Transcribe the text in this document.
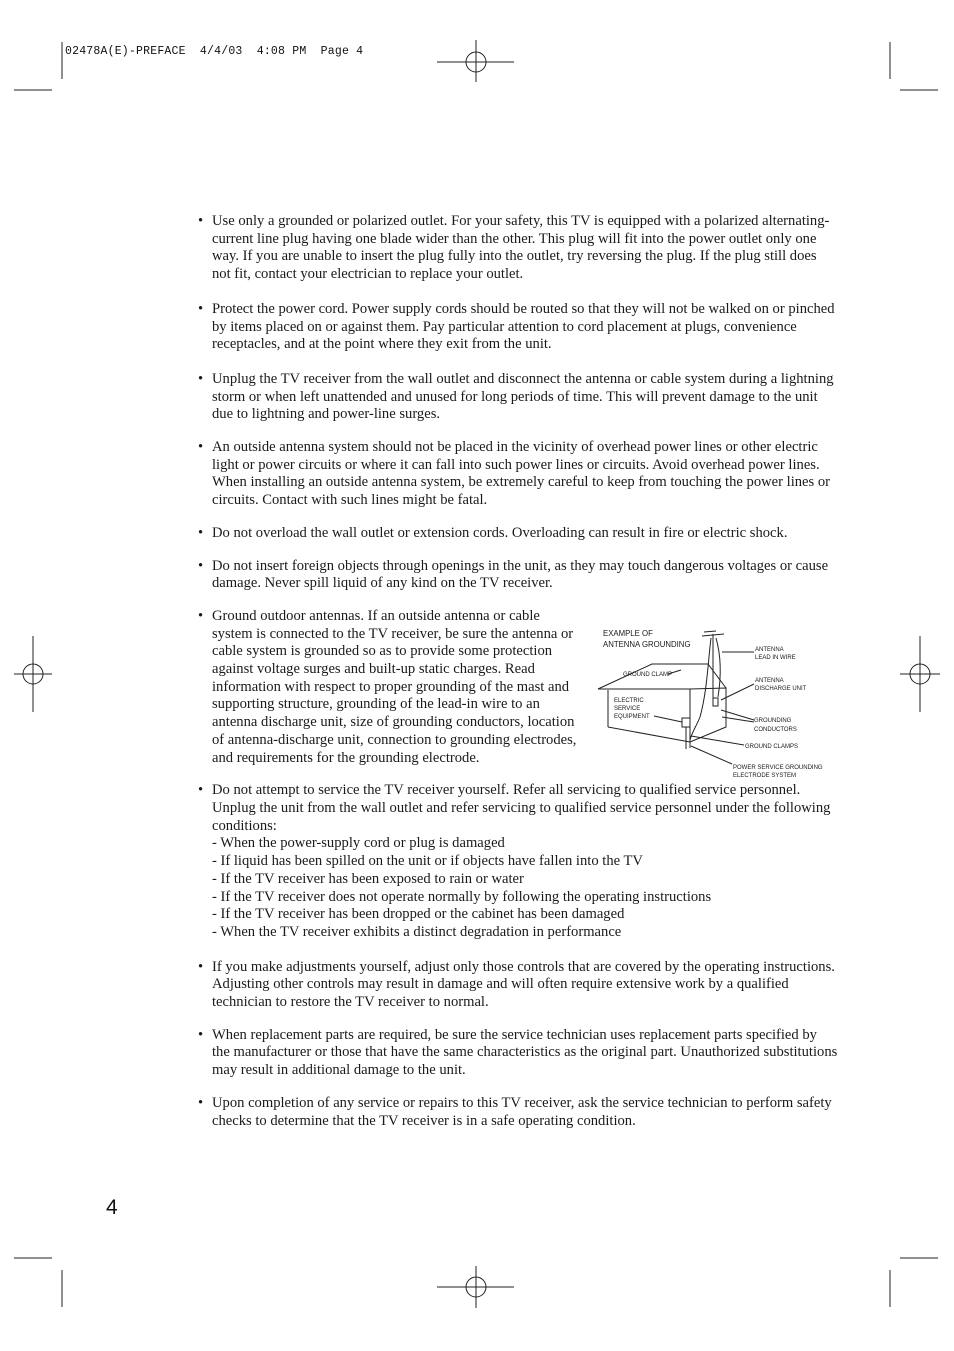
02478A(E)-PREFACE  4/4/03  4:08 PM  Page 4
• Use only a grounded or polarized outlet. For your safety, this TV is equipped with a polarized alternating-current line plug having one blade wider than the other. This plug will fit into the power outlet only one way. If you are unable to insert the plug fully into the outlet, try reversing the plug. If the plug still does not fit, contact your electrician to replace your outlet.

• Protect the power cord. Power supply cords should be routed so that they will not be walked on or pinched by items placed on or against them. Pay particular attention to cord placement at plugs, convenience receptacles, and at the point where they exit from the unit.

• Unplug the TV receiver from the wall outlet and disconnect the antenna or cable system during a lightning storm or when left unattended and unused for long periods of time. This will prevent damage to the unit due to lightning and power-line surges.

• An outside antenna system should not be placed in the vicinity of overhead power lines or other electric light or power circuits or where it can fall into such power lines or circuits. Avoid overhead power lines. When installing an outside antenna system, be extremely careful to keep from touching the power lines or circuits. Contact with such lines might be fatal.

• Do not overload the wall outlet or extension cords. Overloading can result in fire or electric shock.

• Do not insert foreign objects through openings in the unit, as they may touch dangerous voltages or cause damage. Never spill liquid of any kind on the TV receiver.

• Ground outdoor antennas. If an outside antenna or cable system is connected to the TV receiver, be sure the antenna or cable system is grounded so as to provide some protection against voltage surges and built-up static charges. Read information with respect to proper grounding of the mast and supporting structure, grounding of the lead-in wire to an antenna discharge unit, size of grounding conductors, location of antenna-discharge unit, connection to grounding electrodes, and requirements for the grounding electrode.

• Do not attempt to service the TV receiver yourself. Refer all servicing to qualified service personnel. Unplug the unit from the wall outlet and refer servicing to qualified service personnel under the following conditions:

- When the power-supply cord or plug is damaged
- If liquid has been spilled on the unit or if objects have fallen into the TV
- If the TV receiver has been exposed to rain or water
- If the TV receiver does not operate normally by following the operating instructions
- If the TV receiver has been dropped or the cabinet has been damaged
- When the TV receiver exhibits a distinct degradation in performance
• If you make adjustments yourself, adjust only those controls that are covered by the operating instructions. Adjusting other controls may result in damage and will often require extensive work by a qualified technician to restore the TV receiver to normal.

• When replacement parts are required, be sure the service technician uses replacement parts specified by the manufacturer or those that have the same characteristics as the original part. Unauthorized substitutions may result in additional damage to the unit.

• Upon completion of any service or repairs to this TV receiver, ask the service technician to perform safety checks to determine that the TV receiver is in a safe operating condition.

EXAMPLE OF
ANTENNA GROUNDING
GROUND CLAMP
ELECTRIC
SERVICE
EQUIPMENT
ANTENNA
LEAD IN WIRE
ANTENNA
DISCHARGE UNIT
GROUNDING
CONDUCTORS
GROUND CLAMPS
POWER SERVICE GROUNDING
ELECTRODE SYSTEM
4
